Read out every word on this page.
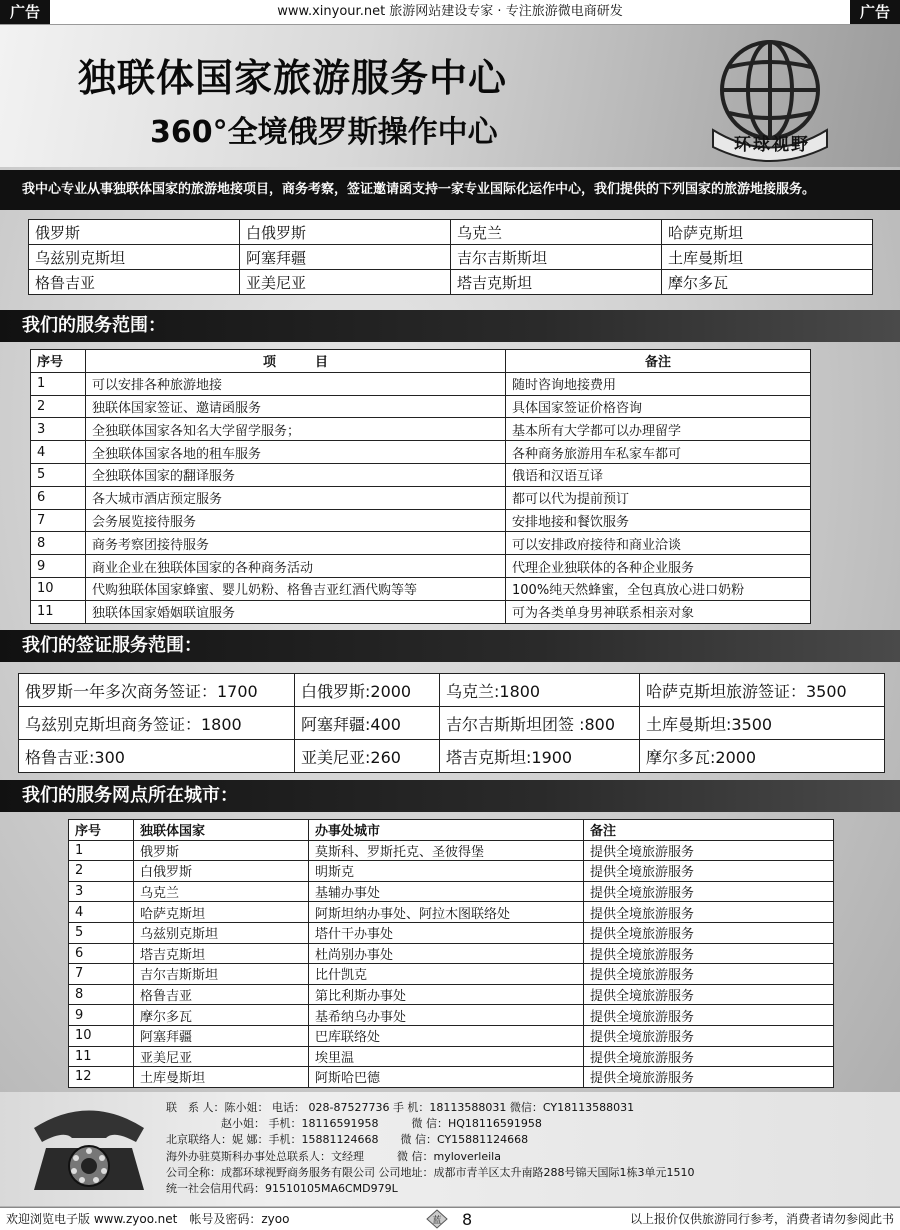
广告	www.xinyour.net 旅游网站建设专家 · 专注旅游微电商研发	广告
独联体国家旅游服务中心
360°全境俄罗斯操作中心	环球视野
我中心专业从事独联体国家的旅游地接项目，商务考察，签证邀请函支持一家专业国际化运作中心，我们提供的下列国家的旅游地接服务。
俄罗斯	白俄罗斯	乌克兰	哈萨克斯坦
乌兹别克斯坦	阿塞拜疆	吉尔吉斯斯坦	土库曼斯坦
格鲁吉亚	亚美尼亚	塔吉克斯坦	摩尔多瓦
我们的服务范围：
序号	项　　　目	备注
1	可以安排各种旅游地接	随时咨询地接费用
2	独联体国家签证、邀请函服务	具体国家签证价格咨询
3	全独联体国家各知名大学留学服务；	基本所有大学都可以办理留学
4	全独联体国家各地的租车服务	各种商务旅游用车私家车都可
5	全独联体国家的翻译服务	俄语和汉语互译
6	各大城市酒店预定服务	都可以代为提前预订
7	会务展览接待服务	安排地接和餐饮服务
8	商务考察团接待服务	可以安排政府接待和商业洽谈
9	商业企业在独联体国家的各种商务活动	代理企业独联体的各种企业服务
10	代购独联体国家蜂蜜、婴儿奶粉、格鲁吉亚红酒代购等等	100%纯天然蜂蜜，全包真放心进口奶粉
11	独联体国家婚姻联谊服务	可为各类单身男神联系相亲对象
我们的签证服务范围：
俄罗斯一年多次商务签证：1700	白俄罗斯:2000	乌克兰:1800	哈萨克斯坦旅游签证：3500
乌兹别克斯坦商务签证：1800	阿塞拜疆:400	吉尔吉斯斯坦团签 :800	土库曼斯坦:3500
格鲁吉亚:300	亚美尼亚:260	塔吉克斯坦:1900	摩尔多瓦:2000
我们的服务网点所在城市：
序号	独联体国家	办事处城市	备注
1	俄罗斯	莫斯科、罗斯托克、圣彼得堡	提供全境旅游服务
2	白俄罗斯	明斯克	提供全境旅游服务
3	乌克兰	基辅办事处	提供全境旅游服务
4	哈萨克斯坦	阿斯坦纳办事处、阿拉木图联络处	提供全境旅游服务
5	乌兹别克斯坦	塔什干办事处	提供全境旅游服务
6	塔吉克斯坦	杜尚别办事处	提供全境旅游服务
7	吉尔吉斯斯坦	比什凯克	提供全境旅游服务
8	格鲁吉亚	第比利斯办事处	提供全境旅游服务
9	摩尔多瓦	基希纳乌办事处	提供全境旅游服务
10	阿塞拜疆	巴库联络处	提供全境旅游服务
11	亚美尼亚	埃里温	提供全境旅游服务
12	土库曼斯坦	阿斯哈巴德	提供全境旅游服务
联　系 人：陈小姐： 电话： 028-87527736 手 机：18113588031 微信：CY18113588031
　　　　　赵小姐： 手机：18116591958　　　微 信：HQ18116591958
北京联络人：妮 娜：手机：15881124668　　微 信：CY15881124668
海外办驻莫斯科办事处总联系人：文经理　　　微 信：myloverleila
公司全称：成都环球视野商务服务有限公司 公司地址：成都市青羊区太升南路288号锦天国际1栋3单元1510
统一社会信用代码：91510105MA6CMD979L
欢迎浏览电子版 www.zyoo.net　帐号及密码：zyoo	蓝 8	以上报价仅供旅游同行参考，消费者请勿参阅此书
